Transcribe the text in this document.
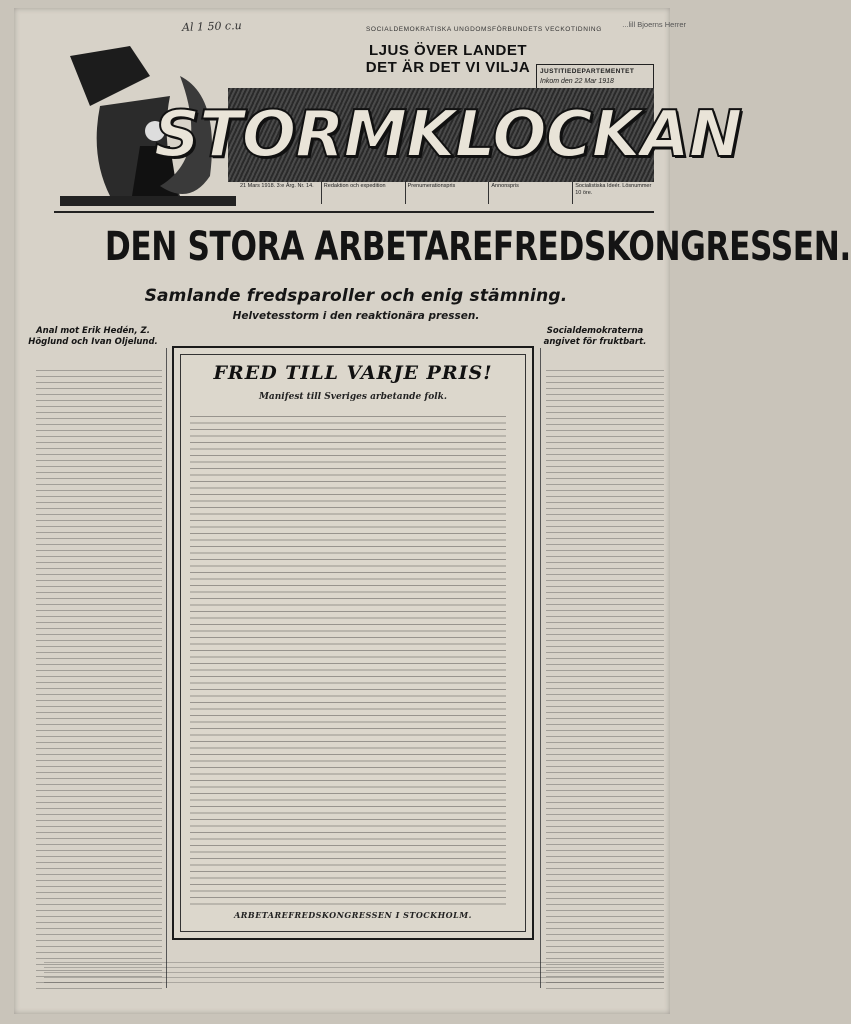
Al 1 50 c.u	SOCIALDEMOKRATISKA UNGDOMSFÖRBUNDETS VECKOTIDNING
...lill Bjoerns Herrer
LJUS ÖVER LANDET
DET ÄR DET VI VILJA	JUSTITIEDEPARTEMENTET
Inkom den 22 Mar 1918
STORMKLOCKAN
21 Mars 1918. 3:e Årg. Nr. 14.	Redaktion och expedition	Prenumerationspris	Annonspris	Socialistiska Ideér. Lösnummer 10 öre.
DEN STORA ARBETAREFREDSKONGRESSEN.
Samlande fredsparoller och enig stämning.
Helvetesstorm i den reaktionära pressen.
Anal mot Erik Hedén, Z. Höglund och Ivan Oljelund.
Socialdemokraterna angivet för fruktbart.
FRED TILL VARJE PRIS!
Manifest till Sveriges arbetande folk.
ARBETAREFREDSKONGRESSEN I STOCKHOLM.
